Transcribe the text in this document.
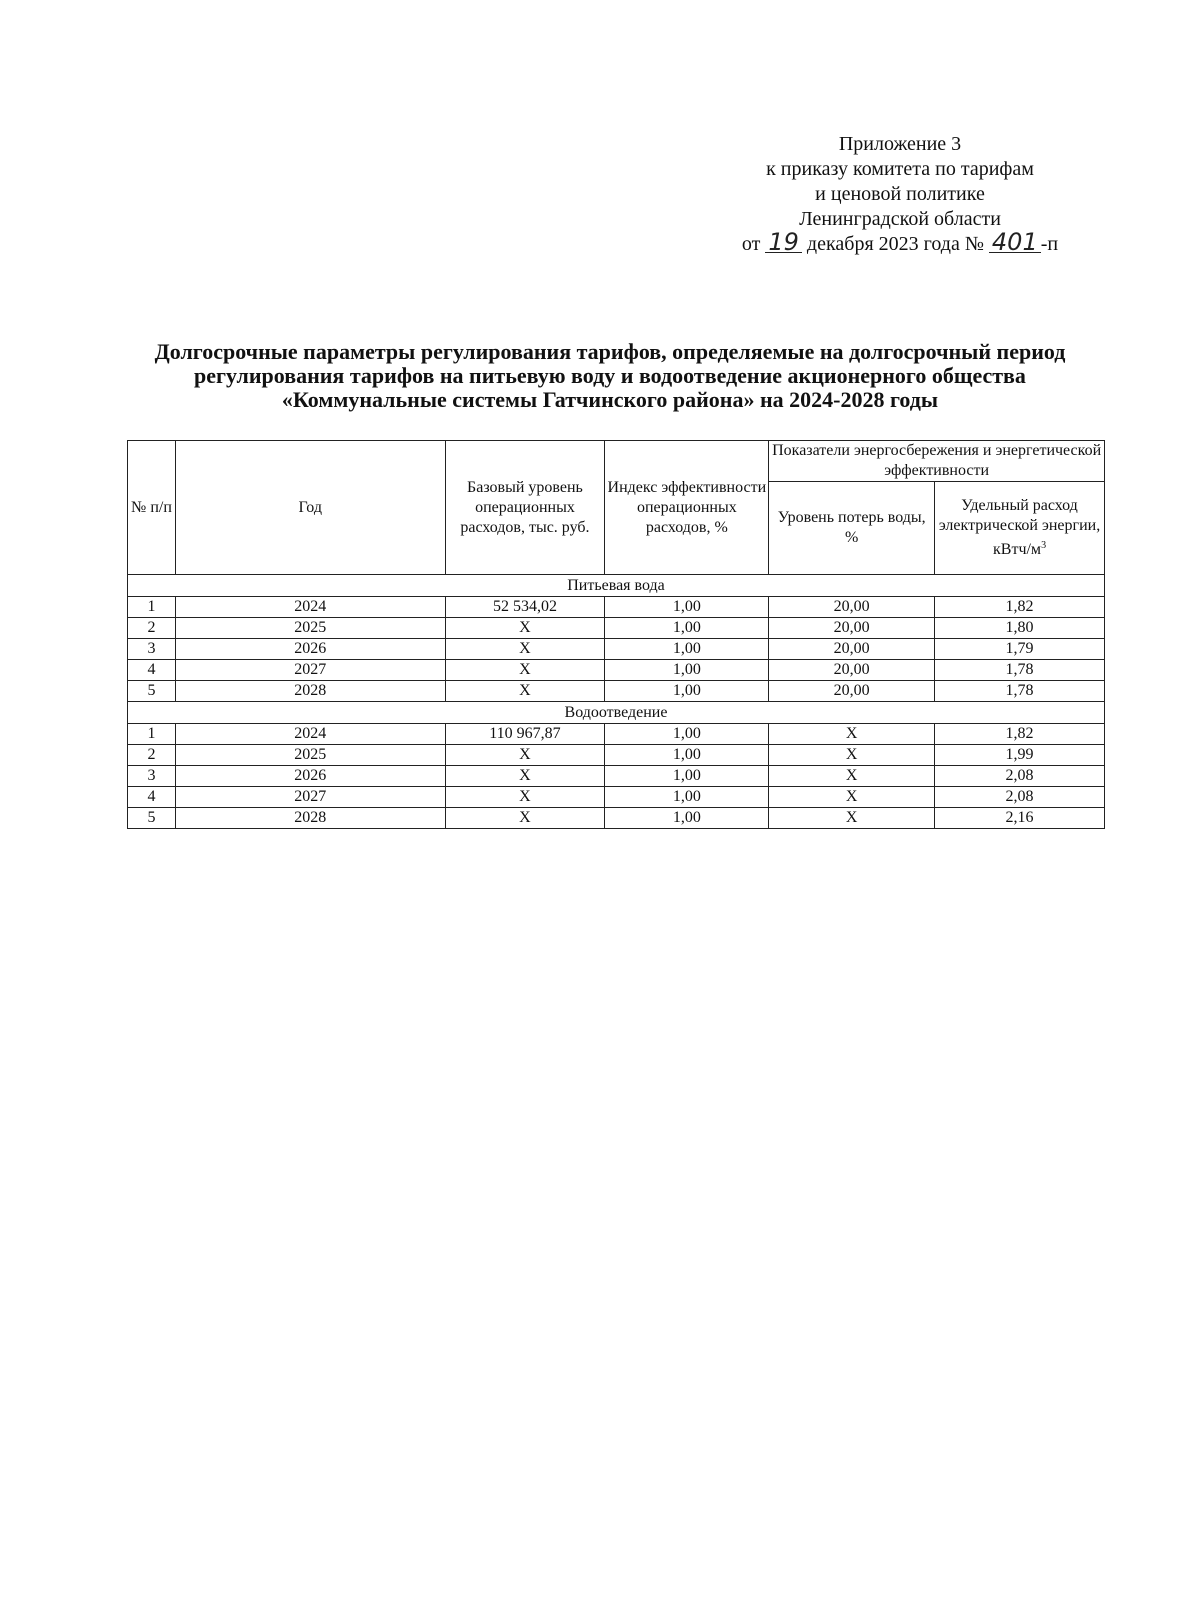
Приложение 3
к приказу комитета по тарифам
и ценовой политике
Ленинградской области
от 19 декабря 2023 года № 401 -п
Долгосрочные параметры регулирования тарифов, определяемые на долгосрочный период
регулирования тарифов на питьевую воду и водоотведение акционерного общества
«Коммунальные системы Гатчинского района» на 2024-2028 годы
№ п/п	Год	Базовый уровень операционных расходов, тыс. руб.	Индекс эффективности операционных расходов, %	Показатели энергосбережения и энергетической эффективности	
				Уровень потерь воды, %	Удельный расход электрической энергии, кВтч/$м^3$
Питьевая вода					
1	2024	52 534,02	1,00	20,00	1,82
2	2025	X	1,00	20,00	1,80
3	2026	X	1,00	20,00	1,79
4	2027	X	1,00	20,00	1,78
5	2028	X	1,00	20,00	1,78
Водоотведение					
1	2024	110 967,87	1,00	X	1,82
2	2025	X	1,00	X	1,99
3	2026	X	1,00	X	2,08
4	2027	X	1,00	X	2,08
5	2028	X	1,00	X	2,16
